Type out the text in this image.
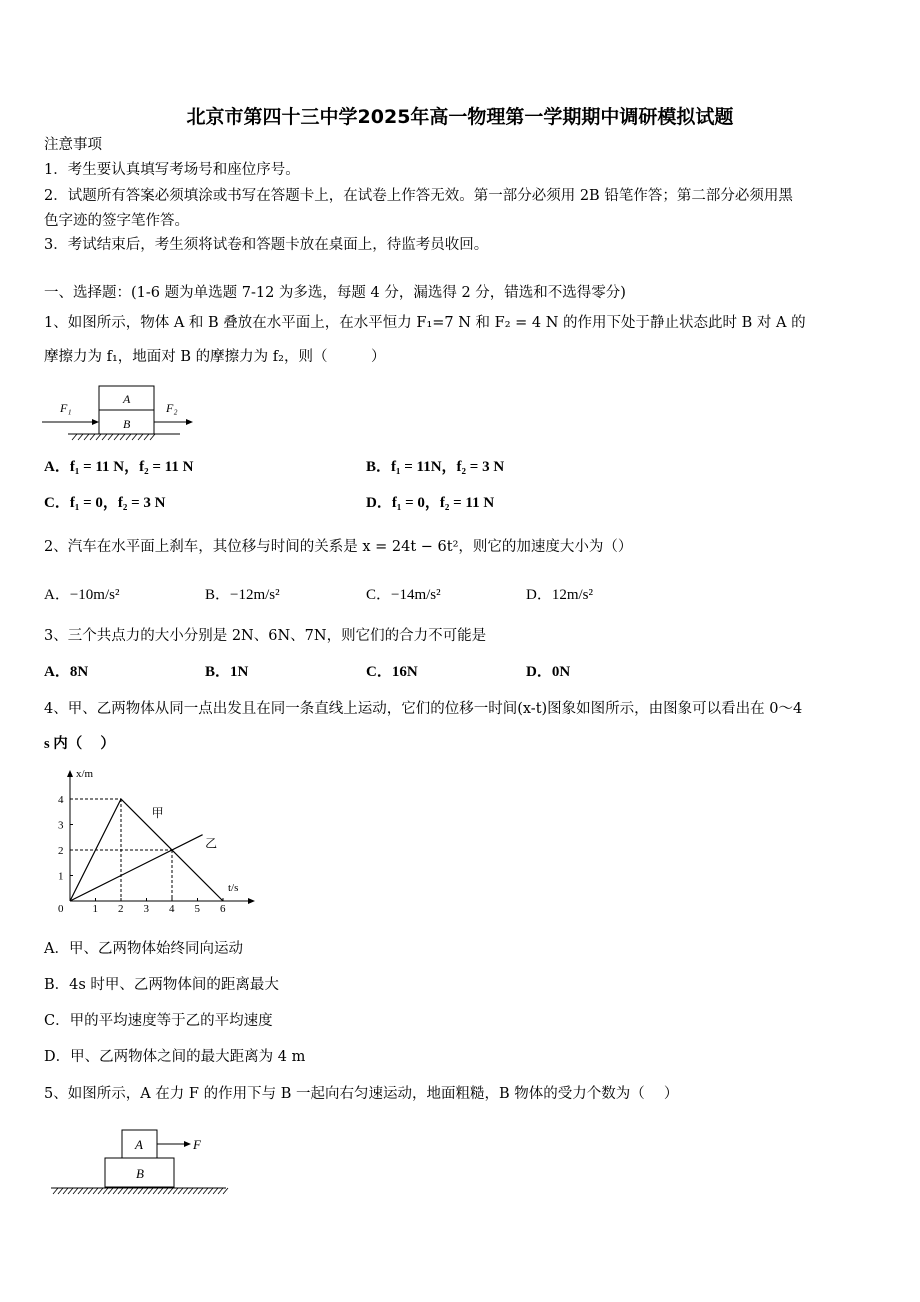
北京市第四十三中学2025年高一物理第一学期期中调研模拟试题
注意事项
1．考生要认真填写考场号和座位序号。
2．试题所有答案必须填涂或书写在答题卡上，在试卷上作答无效。第一部分必须用 2B 铅笔作答；第二部分必须用黑
色字迹的签字笔作答。
3．考试结束后，考生须将试卷和答题卡放在桌面上，待监考员收回。
一、选择题：(1-6 题为单选题 7-12 为多选，每题 4 分，漏选得 2 分，错选和不选得零分)
1、如图所示，物体 A 和 B 叠放在水平面上，在水平恒力 F₁=7 N 和 F₂ = 4 N 的作用下处于静止状态此时 B 对 A 的
摩擦力为 f₁，地面对 B 的摩擦力为 f₂，则（　　　）
A
B
F₁	F₂
A．f₁ = 11 N，f₂ = 11 N	B．f₁ = 11N，f₂ = 3 N
C．f₁ = 0，f₂ = 3 N	D．f₁ = 0，f₂ = 11 N
2、汽车在水平面上刹车，其位移与时间的关系是 x = 24t − 6t²，则它的加速度大小为（）
A．−10m/s²	B．−12m/s²	C．−14m/s²	D．12m/s²
3、三个共点力的大小分别是 2N、6N、7N，则它们的合力不可能是
A．8N	B．1N	C．16N	D．0N
4、甲、乙两物体从同一点出发且在同一条直线上运动，它们的位移一时间(x-t)图象如图所示，由图象可以看出在 0～4
s 内（　 ）
0	1 2 3 4 5 6
1
2
3
4
x/m
t/s
甲
乙
A．甲、乙两物体始终同向运动
B．4s 时甲、乙两物体间的距离最大
C．甲的平均速度等于乙的平均速度
D．甲、乙两物体之间的最大距离为 4 m
5、如图所示，A 在力 F 的作用下与 B 一起向右匀速运动，地面粗糙，B 物体的受力个数为（　 ）
A
B
F
